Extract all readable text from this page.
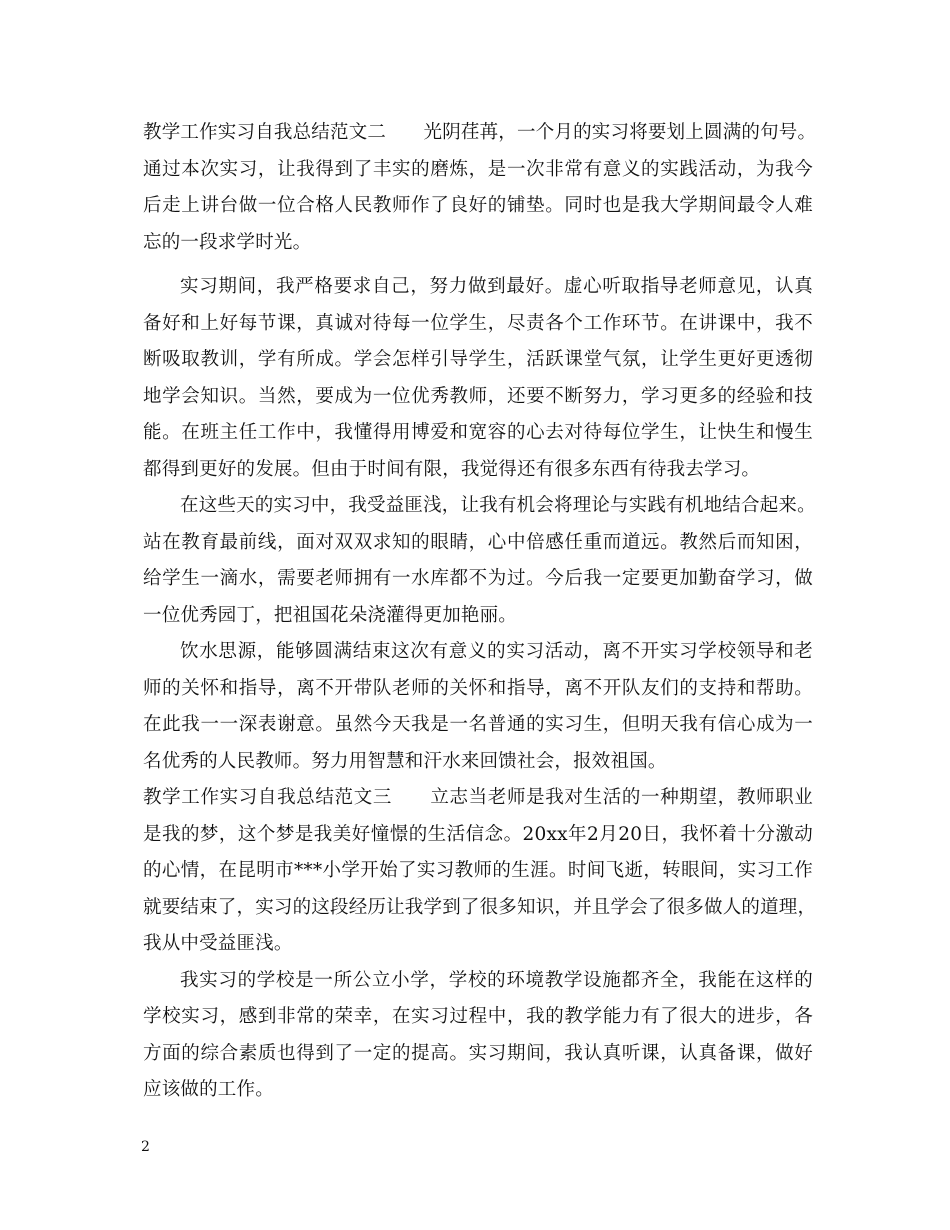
教学工作实习自我总结范文二　　光阴荏苒，一个月的实习将要划上圆满的句号。
通过本次实习，让我得到了丰实的磨炼，是一次非常有意义的实践活动，为我今
后走上讲台做一位合格人民教师作了良好的铺垫。同时也是我大学期间最令人难
忘的一段求学时光。
实习期间，我严格要求自己，努力做到最好。虚心听取指导老师意见，认真
备好和上好每节课，真诚对待每一位学生，尽责各个工作环节。在讲课中，我不
断吸取教训，学有所成。学会怎样引导学生，活跃课堂气氛，让学生更好更透彻
地学会知识。当然，要成为一位优秀教师，还要不断努力，学习更多的经验和技
能。在班主任工作中，我懂得用博爱和宽容的心去对待每位学生，让快生和慢生
都得到更好的发展。但由于时间有限，我觉得还有很多东西有待我去学习。
在这些天的实习中，我受益匪浅，让我有机会将理论与实践有机地结合起来。
站在教育最前线，面对双双求知的眼睛，心中倍感任重而道远。教然后而知困，
给学生一滴水，需要老师拥有一水库都不为过。今后我一定要更加勤奋学习，做
一位优秀园丁，把祖国花朵浇灌得更加艳丽。
饮水思源，能够圆满结束这次有意义的实习活动，离不开实习学校领导和老
师的关怀和指导，离不开带队老师的关怀和指导，离不开队友们的支持和帮助。
在此我一一深表谢意。虽然今天我是一名普通的实习生，但明天我有信心成为一
名优秀的人民教师。努力用智慧和汗水来回馈社会，报效祖国。
教学工作实习自我总结范文三　　立志当老师是我对生活的一种期望，教师职业
是我的梦，这个梦是我美好憧憬的生活信念。20xx年2月20日，我怀着十分激动
的心情，在昆明市***小学开始了实习教师的生涯。时间飞逝，转眼间，实习工作
就要结束了，实习的这段经历让我学到了很多知识，并且学会了很多做人的道理，
我从中受益匪浅。
我实习的学校是一所公立小学，学校的环境教学设施都齐全，我能在这样的
学校实习，感到非常的荣幸，在实习过程中，我的教学能力有了很大的进步，各
方面的综合素质也得到了一定的提高。实习期间，我认真听课，认真备课，做好
应该做的工作。
2
